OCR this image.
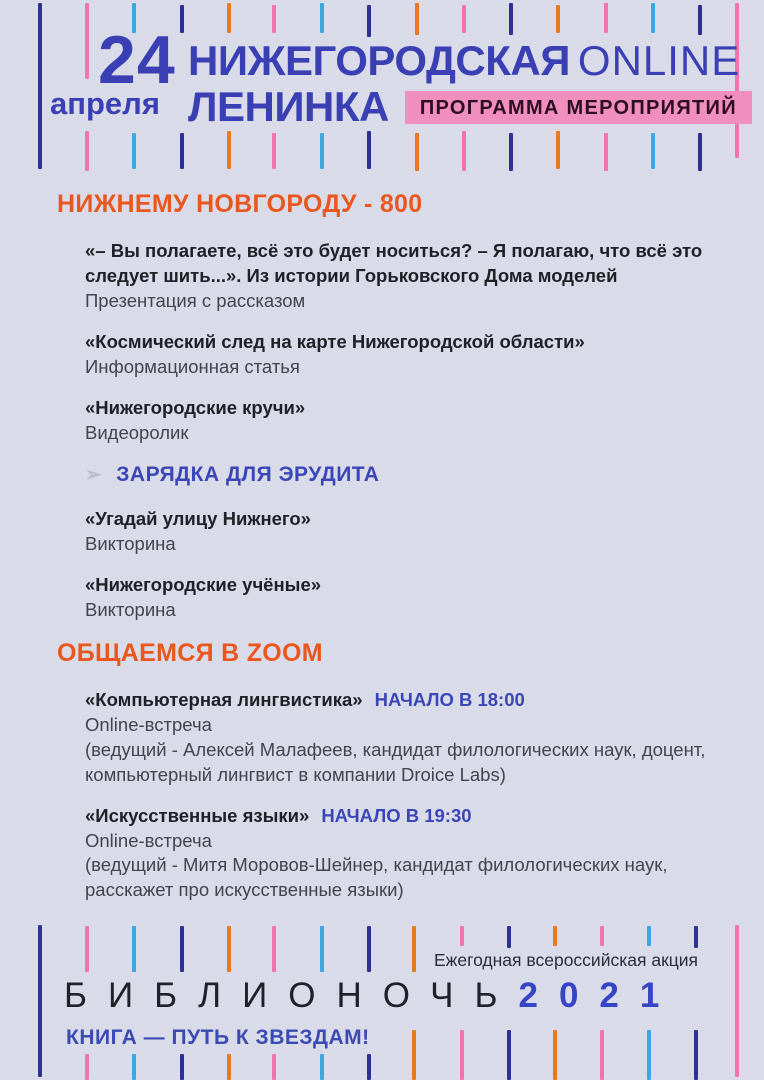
24
апреля
НИЖЕГОРОДСКАЯ ONLINE
ЛЕНИНКА	ПРОГРАММА МЕРОПРИЯТИЙ
НИЖНЕМУ НОВГОРОДУ - 800
«– Вы полагаете, всё это будет носиться? – Я полагаю, что всё это следует шить...». Из истории Горьковского Дома моделей
Презентация с рассказом
«Космический след на карте Нижегородской области»
Информационная статья
«Нижегородские кручи»
Видеоролик
➢ ЗАРЯДКА ДЛЯ ЭРУДИТА
«Угадай улицу Нижнего»
Викторина
«Нижегородские учёные»
Викторина
ОБЩАЕМСЯ В ZOOM
«Компьютерная лингвистика» НАЧАЛО В 18:00
Online-встреча
(ведущий - Алексей Малафеев, кандидат филологических наук, доцент, компьютерный лингвист в компании Droice Labs)
«Искусственные языки» НАЧАЛО В 19:30
Online-встреча
(ведущий - Митя Моровов-Шейнер, кандидат филологических наук, расскажет про искусственные языки)
Ежегодная всероссийская акция
БИБЛИОНОЧЬ2021
КНИГА — ПУТЬ К ЗВЕЗДАМ!
